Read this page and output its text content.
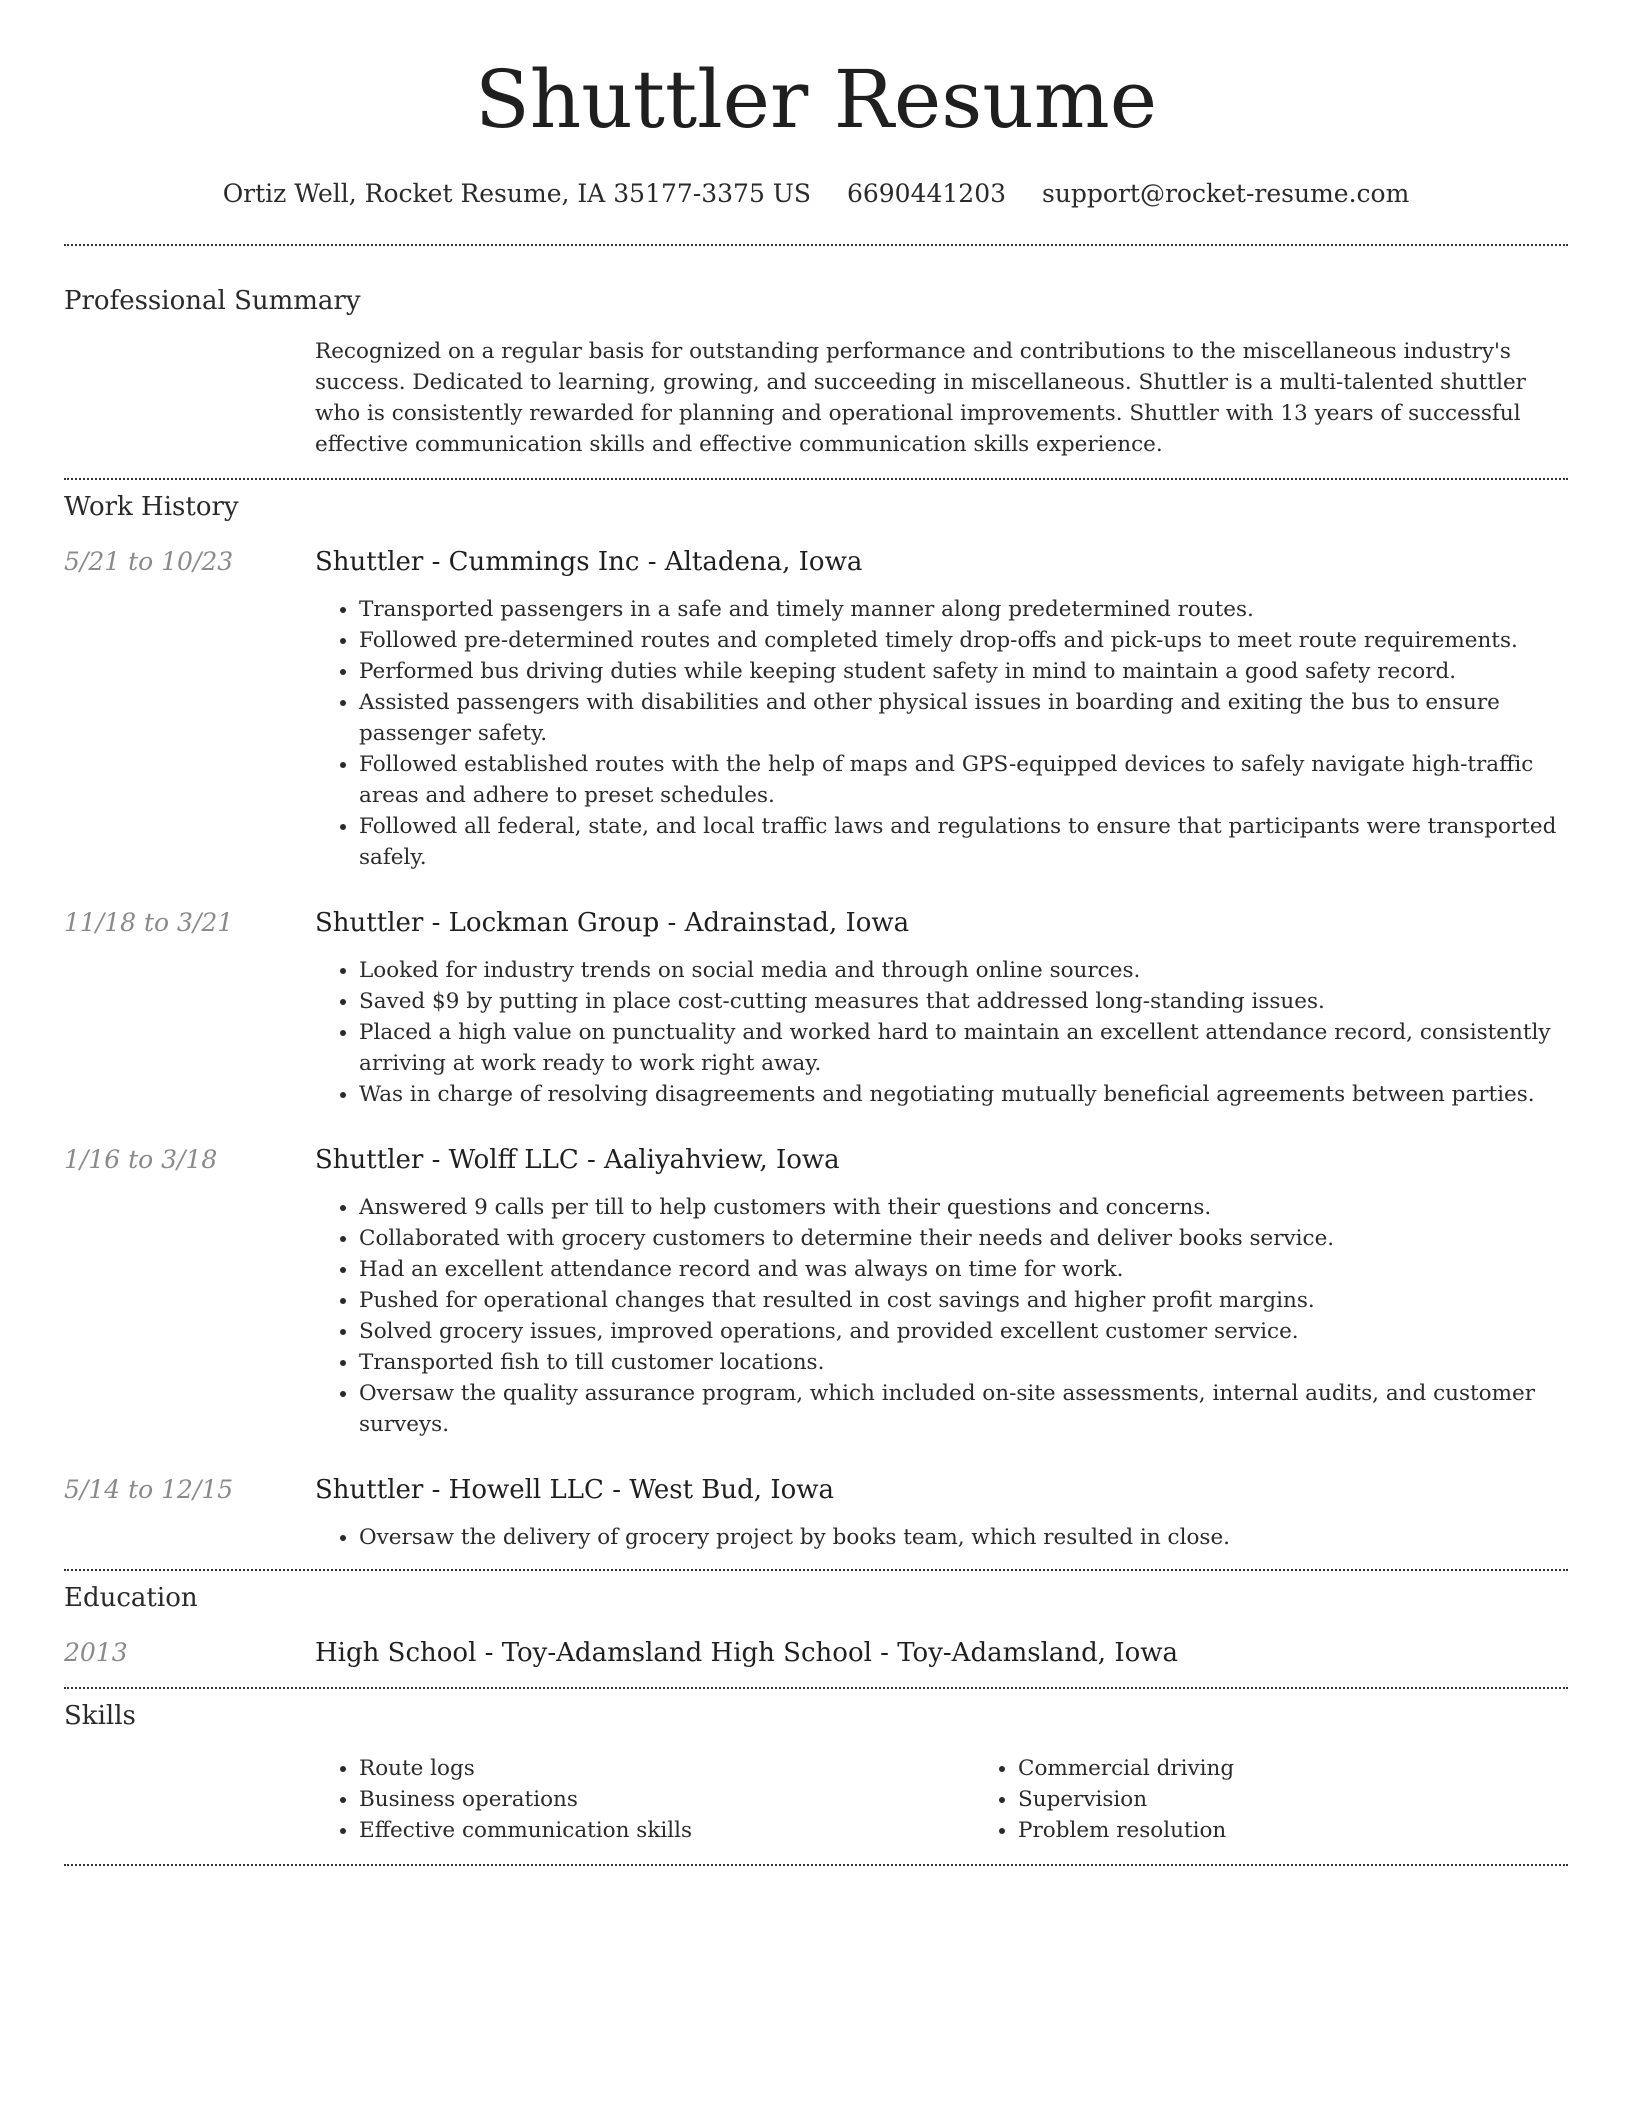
Shuttler Resume
Ortiz Well, Rocket Resume, IA 35177-3375 US 6690441203 support@rocket-resume.com
Professional Summary
Recognized on a regular basis for outstanding performance and contributions to the miscellaneous industry's success. Dedicated to learning, growing, and succeeding in miscellaneous. Shuttler is a multi-talented shuttler who is consistently rewarded for planning and operational improvements. Shuttler with 13 years of successful effective communication skills and effective communication skills experience.
Work History
5/21 to 10/23	Shuttler - Cummings Inc - Altadena, Iowa
• Transported passengers in a safe and timely manner along predetermined routes.
• Followed pre-determined routes and completed timely drop-offs and pick-ups to meet route requirements.
• Performed bus driving duties while keeping student safety in mind to maintain a good safety record.
• Assisted passengers with disabilities and other physical issues in boarding and exiting the bus to ensure passenger safety.
• Followed established routes with the help of maps and GPS-equipped devices to safely navigate high-traffic areas and adhere to preset schedules.
• Followed all federal, state, and local traffic laws and regulations to ensure that participants were transported safely.
11/18 to 3/21	Shuttler - Lockman Group - Adrainstad, Iowa
• Looked for industry trends on social media and through online sources.
• Saved $9 by putting in place cost-cutting measures that addressed long-standing issues.
• Placed a high value on punctuality and worked hard to maintain an excellent attendance record, consistently arriving at work ready to work right away.
• Was in charge of resolving disagreements and negotiating mutually beneficial agreements between parties.
1/16 to 3/18	Shuttler - Wolff LLC - Aaliyahview, Iowa
• Answered 9 calls per till to help customers with their questions and concerns.
• Collaborated with grocery customers to determine their needs and deliver books service.
• Had an excellent attendance record and was always on time for work.
• Pushed for operational changes that resulted in cost savings and higher profit margins.
• Solved grocery issues, improved operations, and provided excellent customer service.
• Transported fish to till customer locations.
• Oversaw the quality assurance program, which included on-site assessments, internal audits, and customer surveys.
5/14 to 12/15	Shuttler - Howell LLC - West Bud, Iowa
• Oversaw the delivery of grocery project by books team, which resulted in close.
Education
2013	High School - Toy-Adamsland High School - Toy-Adamsland, Iowa
Skills
• Route logs
• Business operations
• Effective communication skills
• Commercial driving
• Supervision
• Problem resolution
